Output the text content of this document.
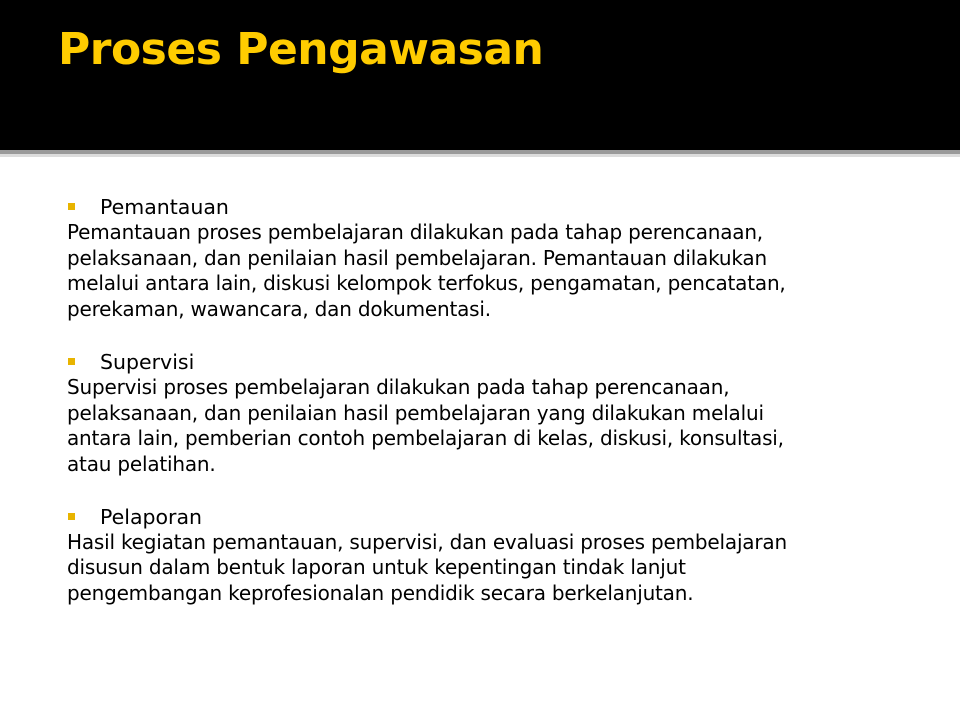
Proses Pengawasan
Pemantauan

Pemantauan proses pembelajaran dilakukan pada tahap perencanaan,

pelaksanaan, dan penilaian hasil pembelajaran. Pemantauan dilakukan

melalui antara lain, diskusi kelompok terfokus, pengamatan, pencatatan,

perekaman, wawancara, dan dokumentasi.

Supervisi

Supervisi proses pembelajaran dilakukan pada tahap perencanaan,

pelaksanaan, dan penilaian hasil pembelajaran yang dilakukan melalui

antara lain, pemberian contoh pembelajaran di kelas, diskusi, konsultasi,

atau pelatihan.

Pelaporan

Hasil kegiatan pemantauan, supervisi, dan evaluasi proses pembelajaran

disusun dalam bentuk laporan untuk kepentingan tindak lanjut

pengembangan keprofesionalan pendidik secara berkelanjutan.
